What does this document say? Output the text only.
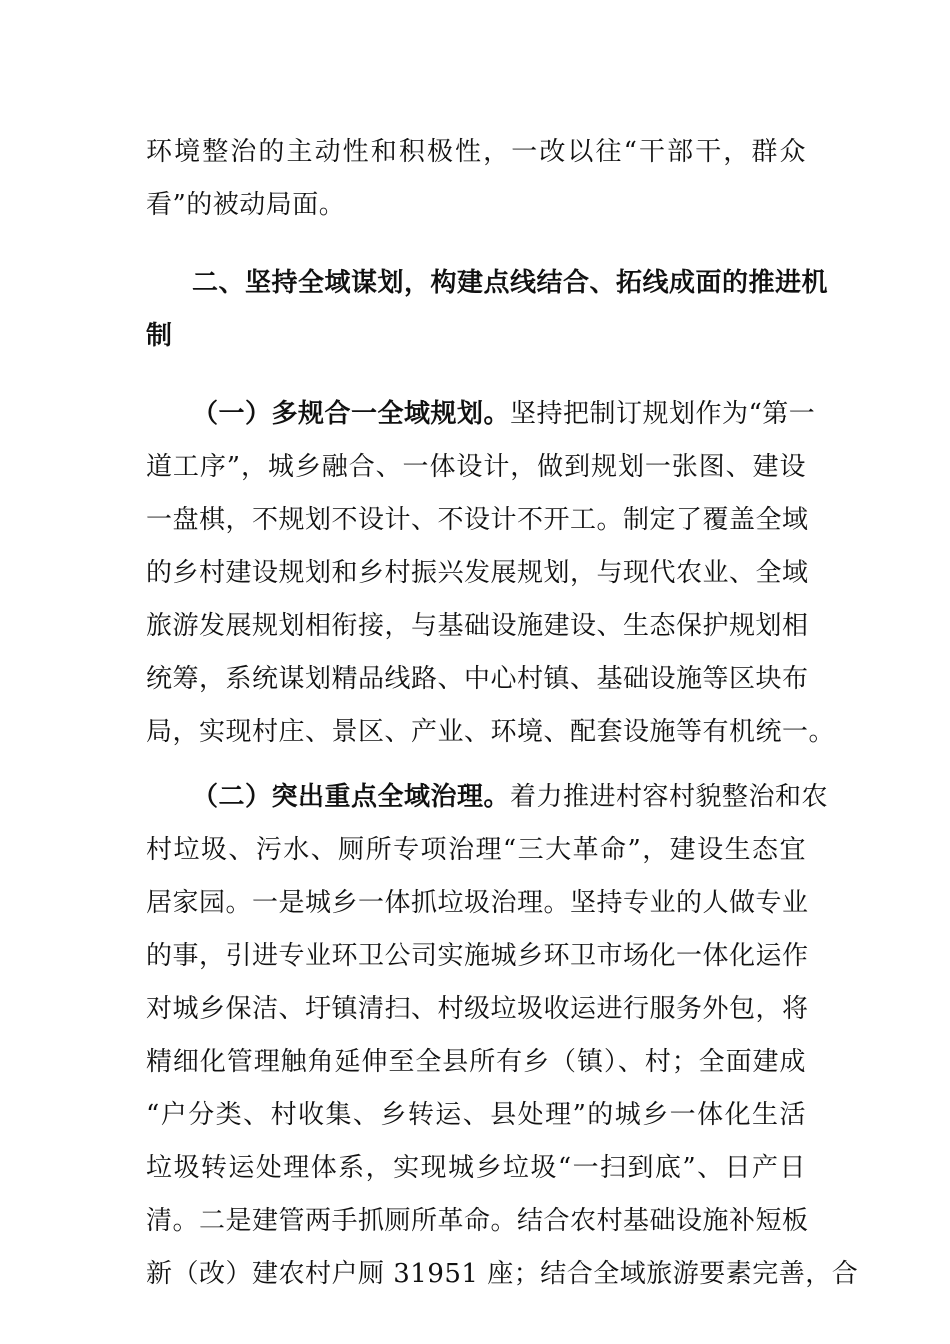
环境整治的主动性和积极性，一改以往“干部干，群众
看”的被动局面。
二、坚持全域谋划，构建点线结合、拓线成面的推进机
制
（一）多规合一全域规划。坚持把制订规划作为“第一
道工序”，城乡融合、一体设计，做到规划一张图、建设
一盘棋，不规划不设计、不设计不开工。制定了覆盖全域
的乡村建设规划和乡村振兴发展规划，与现代农业、全域
旅游发展规划相衔接，与基础设施建设、生态保护规划相
统筹，系统谋划精品线路、中心村镇、基础设施等区块布
局，实现村庄、景区、产业、环境、配套设施等有机统一。
（二）突出重点全域治理。着力推进村容村貌整治和农
村垃圾、污水、厕所专项治理“三大革命”，建设生态宜
居家园。一是城乡一体抓垃圾治理。坚持专业的人做专业
的事，引进专业环卫公司实施城乡环卫市场化一体化运作
对城乡保洁、圩镇清扫、村级垃圾收运进行服务外包，将
精细化管理触角延伸至全县所有乡（镇）、村；全面建成
“户分类、村收集、乡转运、县处理”的城乡一体化生活
垃圾转运处理体系，实现城乡垃圾“一扫到底”、日产日
清。二是建管两手抓厕所革命。结合农村基础设施补短板
新（改）建农村户厕 31951 座；结合全域旅游要素完善，合
